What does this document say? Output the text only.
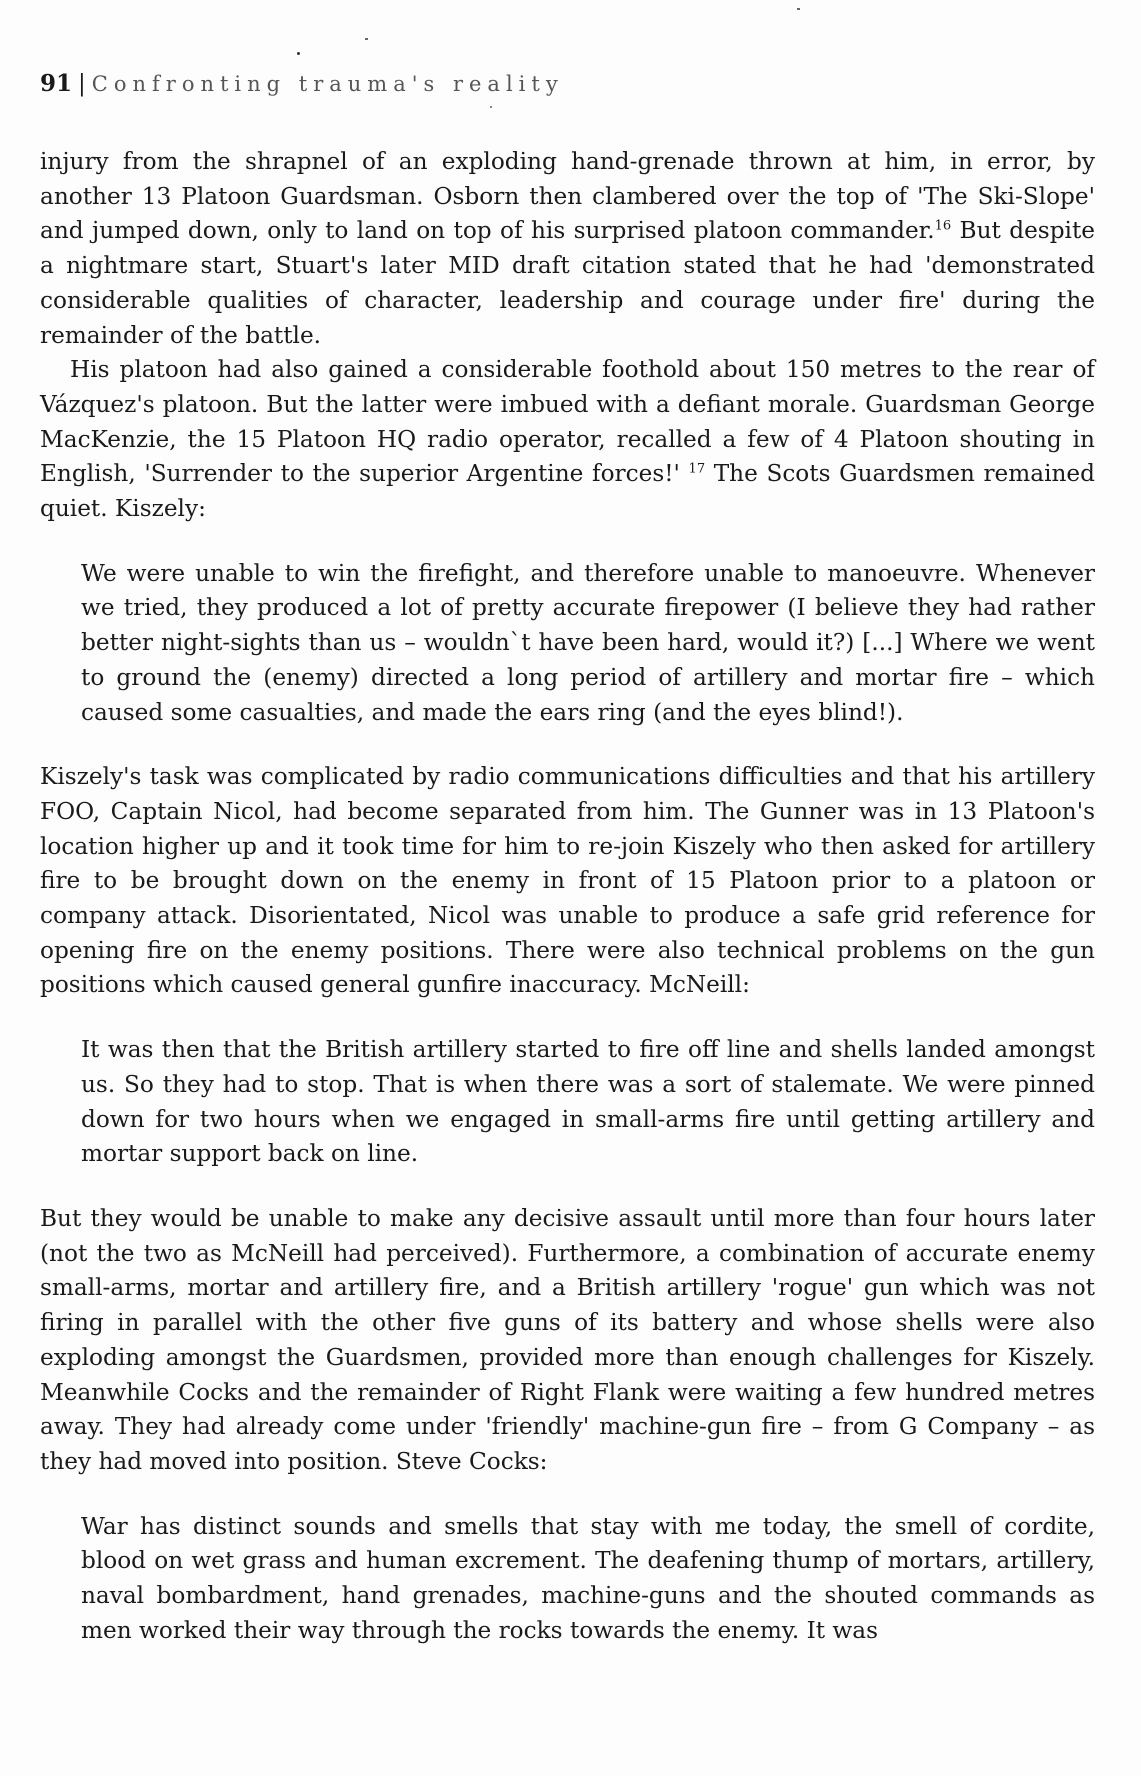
91 | Confronting trauma's reality

injury from the shrapnel of an exploding hand-grenade thrown at him, in error, by another 13 Platoon Guardsman. Osborn then clambered over the top of 'The Ski-Slope' and jumped down, only to land on top of his surprised platoon commander.$^{16}$ But despite a nightmare start, Stuart's later MID draft citation stated that he had 'demonstrated considerable qualities of character, leadership and courage under fire' during the remainder of the battle.

His platoon had also gained a considerable foothold about 150 metres to the rear of Vázquez's platoon. But the latter were imbued with a defiant morale. Guardsman George MacKenzie, the 15 Platoon HQ radio operator, recalled a few of 4 Platoon shouting in English, 'Surrender to the superior Argentine forces!' $^{17}$ The Scots Guardsmen remained quiet. Kiszely:

We were unable to win the firefight, and therefore unable to manoeuvre. Whenever we tried, they produced a lot of pretty accurate firepower (I believe they had rather better night-sights than us – wouldn`t have been hard, would it?) [...] Where we went to ground the (enemy) directed a long period of artillery and mortar fire – which caused some casualties, and made the ears ring (and the eyes blind!).

Kiszely's task was complicated by radio communications difficulties and that his artillery FOO, Captain Nicol, had become separated from him. The Gunner was in 13 Platoon's location higher up and it took time for him to re-join Kiszely who then asked for artillery fire to be brought down on the enemy in front of 15 Platoon prior to a platoon or company attack. Disorientated, Nicol was unable to produce a safe grid reference for opening fire on the enemy positions. There were also technical problems on the gun positions which caused general gunfire inaccuracy. McNeill:

It was then that the British artillery started to fire off line and shells landed amongst us. So they had to stop. That is when there was a sort of stalemate. We were pinned down for two hours when we engaged in small-arms fire until getting artillery and mortar support back on line.

But they would be unable to make any decisive assault until more than four hours later (not the two as McNeill had perceived). Furthermore, a combination of accurate enemy small-arms, mortar and artillery fire, and a British artillery 'rogue' gun which was not firing in parallel with the other five guns of its battery and whose shells were also exploding amongst the Guardsmen, provided more than enough challenges for Kiszely. Meanwhile Cocks and the remainder of Right Flank were waiting a few hundred metres away. They had already come under 'friendly' machine-gun fire – from G Company – as they had moved into position. Steve Cocks:

War has distinct sounds and smells that stay with me today, the smell of cordite, blood on wet grass and human excrement. The deafening thump of mortars, artillery, naval bombardment, hand grenades, machine-guns and the shouted commands as men worked their way through the rocks towards the enemy. It was
